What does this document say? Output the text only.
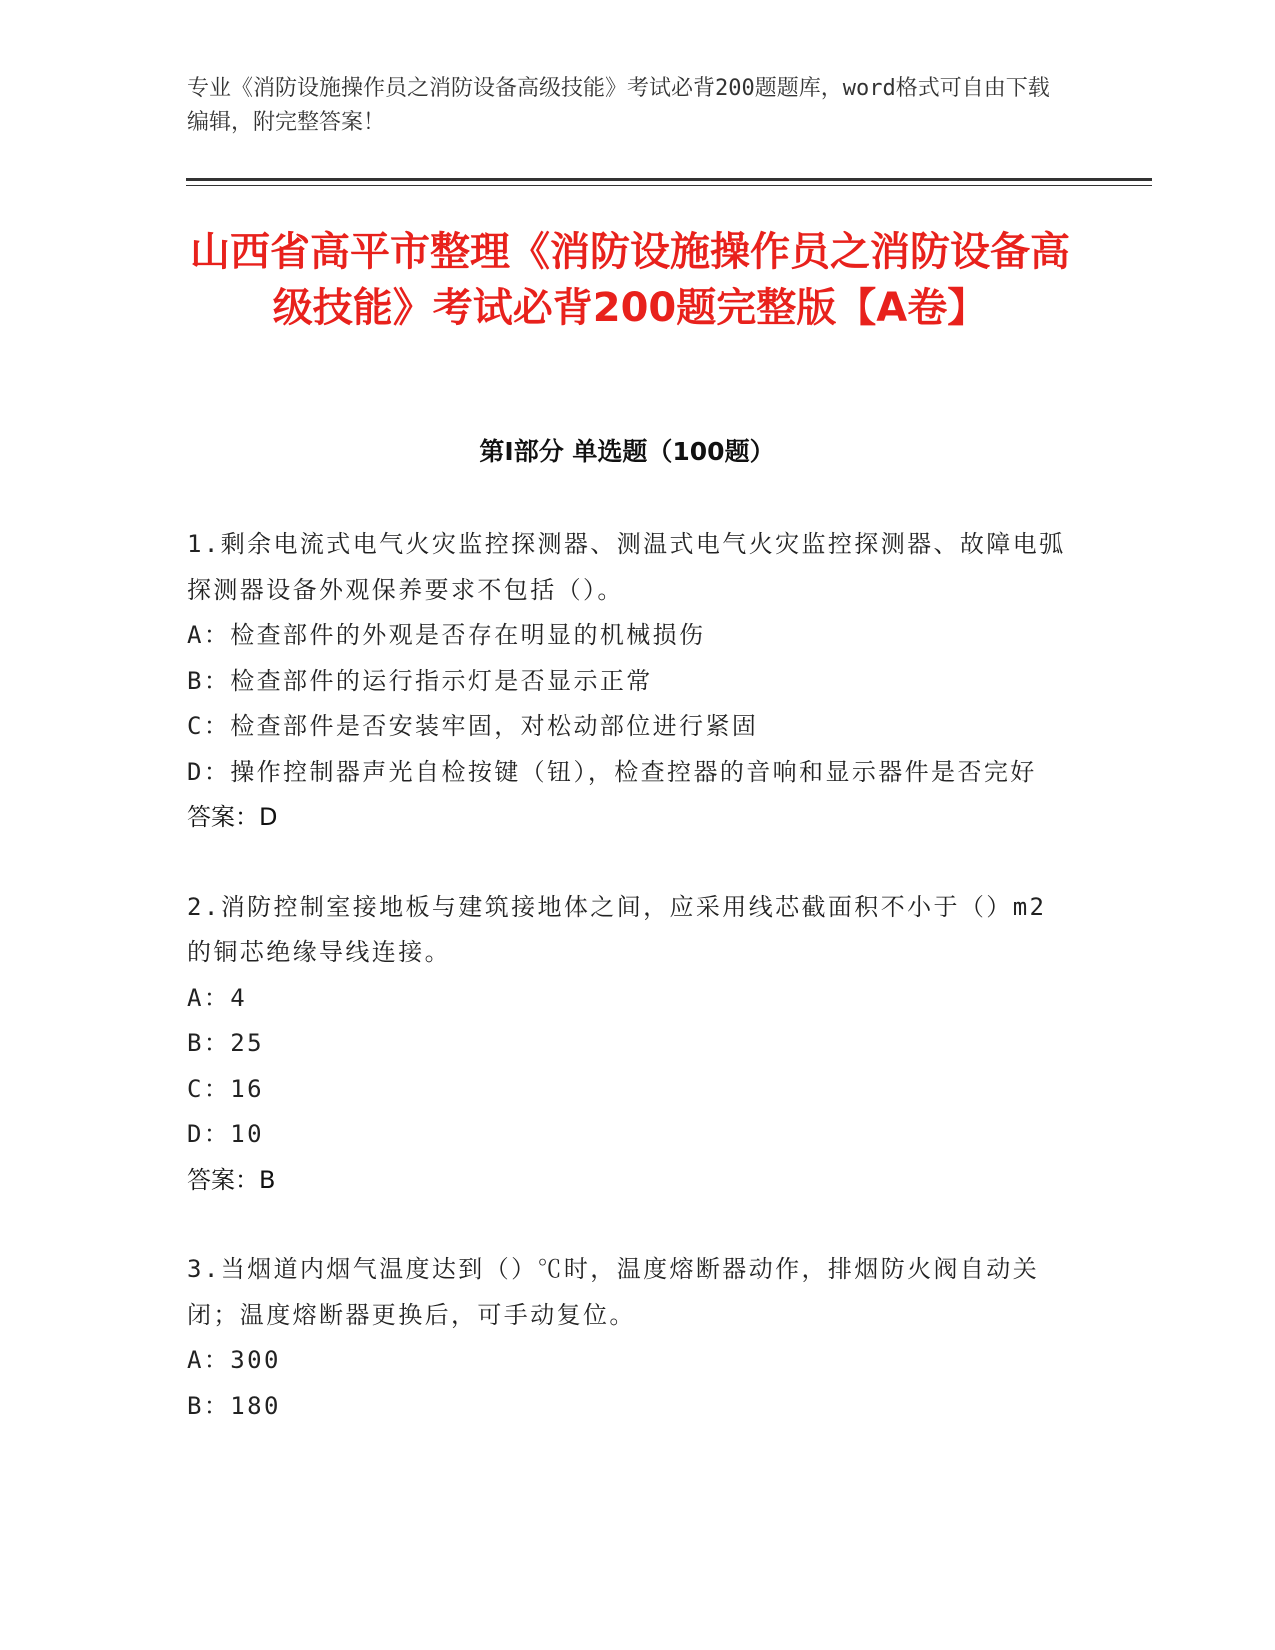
专业《消防设施操作员之消防设备高级技能》考试必背200题题库，word格式可自由下载编辑，附完整答案！

山西省高平市整理《消防设施操作员之消防设备高级技能》考试必背200题完整版【A卷】
第I部分 单选题（100题）

1.剩余电流式电气火灾监控探测器、测温式电气火灾监控探测器、故障电弧探测器设备外观保养要求不包括（）。

A：检查部件的外观是否存在明显的机械损伤

B：检查部件的运行指示灯是否显示正常

C：检查部件是否安装牢固，对松动部位进行紧固

D：操作控制器声光自检按键（钮），检查控器的音响和显示器件是否完好

答案：D

2.消防控制室接地板与建筑接地体之间，应采用线芯截面积不小于（）m2的铜芯绝缘导线连接。

A：4

B：25

C：16

D：10

答案：B

3.当烟道内烟气温度达到（）℃时，温度熔断器动作，排烟防火阀自动关闭；温度熔断器更换后，可手动复位。

A：300

B：180
